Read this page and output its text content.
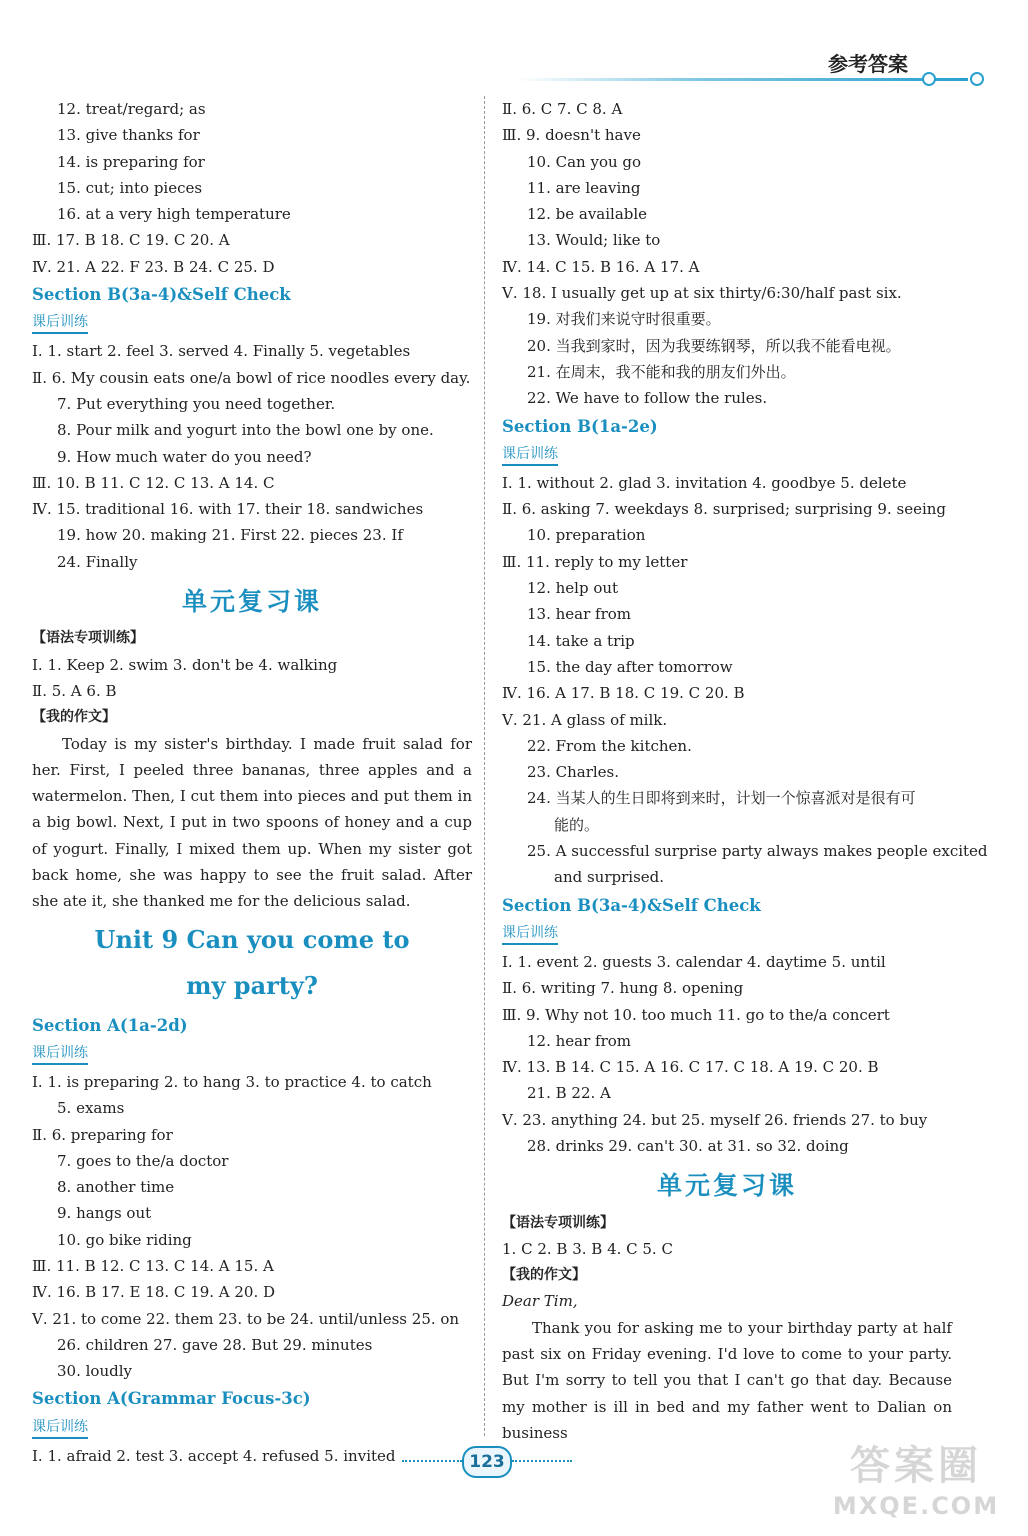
参考答案
12. treat/regard; as
13. give thanks for
14. is preparing for
15. cut; into pieces
16. at a very high temperature
Ⅲ. 17. B 18. C 19. C 20. A
Ⅳ. 21. A 22. F 23. B 24. C 25. D
Section B(3a-4)&Self Check
课后训练
Ⅰ. 1. start 2. feel 3. served 4. Finally 5. vegetables
Ⅱ. 6. My cousin eats one/a bowl of rice noodles every day.
7. Put everything you need together.
8. Pour milk and yogurt into the bowl one by one.
9. How much water do you need?
Ⅲ. 10. B 11. C 12. C 13. A 14. C
Ⅳ. 15. traditional 16. with 17. their 18. sandwiches
19. how 20. making 21. First 22. pieces 23. If
24. Finally
单元复习课
【语法专项训练】
Ⅰ. 1. Keep 2. swim 3. don't be 4. walking
Ⅱ. 5. A 6. B
【我的作文】
Today is my sister's birthday. I made fruit salad for her. First, I peeled three bananas, three apples and a watermelon. Then, I cut them into pieces and put them in a big bowl. Next, I put in two spoons of honey and a cup of yogurt. Finally, I mixed them up. When my sister got back home, she was happy to see the fruit salad. After she ate it, she thanked me for the delicious salad.
Unit 9 Can you come to
my party?
Section A(1a-2d)
课后训练
Ⅰ. 1. is preparing 2. to hang 3. to practice 4. to catch
5. exams
Ⅱ. 6. preparing for
7. goes to the/a doctor
8. another time
9. hangs out
10. go bike riding
Ⅲ. 11. B 12. C 13. C 14. A 15. A
Ⅳ. 16. B 17. E 18. C 19. A 20. D
Ⅴ. 21. to come 22. them 23. to be 24. until/unless 25. on
26. children 27. gave 28. But 29. minutes
30. loudly
Section A(Grammar Focus-3c)
课后训练
Ⅰ. 1. afraid 2. test 3. accept 4. refused 5. invited
Ⅱ. 6. C 7. C 8. A
Ⅲ. 9. doesn't have
10. Can you go
11. are leaving
12. be available
13. Would; like to
Ⅳ. 14. C 15. B 16. A 17. A
Ⅴ. 18. I usually get up at six thirty/6:30/half past six.
19. 对我们来说守时很重要。
20. 当我到家时，因为我要练钢琴，所以我不能看电视。
21. 在周末，我不能和我的朋友们外出。
22. We have to follow the rules.
Section B(1a-2e)
课后训练
Ⅰ. 1. without 2. glad 3. invitation 4. goodbye 5. delete
Ⅱ. 6. asking 7. weekdays 8. surprised; surprising 9. seeing
10. preparation
Ⅲ. 11. reply to my letter
12. help out
13. hear from
14. take a trip
15. the day after tomorrow
Ⅳ. 16. A 17. B 18. C 19. C 20. B
Ⅴ. 21. A glass of milk.
22. From the kitchen.
23. Charles.
24. 当某人的生日即将到来时，计划一个惊喜派对是很有可
能的。
25. A successful surprise party always makes people excited
and surprised.
Section B(3a-4)&Self Check
课后训练
Ⅰ. 1. event 2. guests 3. calendar 4. daytime 5. until
Ⅱ. 6. writing 7. hung 8. opening
Ⅲ. 9. Why not 10. too much 11. go to the/a concert
12. hear from
Ⅳ. 13. B 14. C 15. A 16. C 17. C 18. A 19. C 20. B
21. B 22. A
Ⅴ. 23. anything 24. but 25. myself 26. friends 27. to buy
28. drinks 29. can't 30. at 31. so 32. doing
单元复习课
【语法专项训练】
1. C 2. B 3. B 4. C 5. C
【我的作文】
Dear Tim,
Thank you for asking me to your birthday party at half past six on Friday evening. I'd love to come to your party. But I'm sorry to tell you that I can't go that day. Because my mother is ill in bed and my father went to Dalian on business
123	答案圈
MXQE.COM
